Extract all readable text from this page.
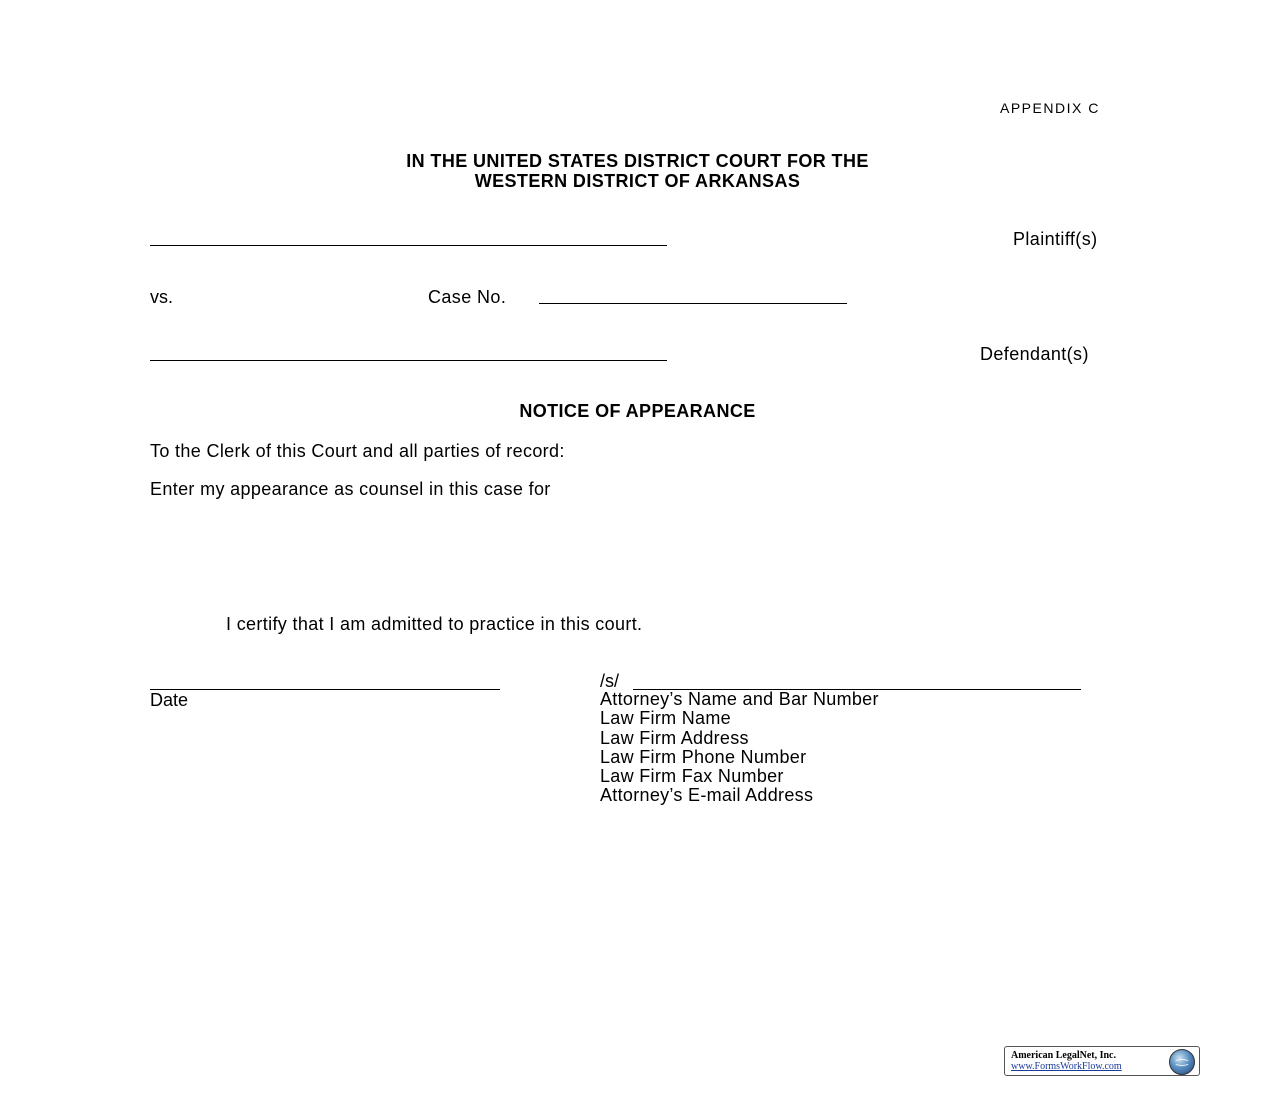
APPENDIX C
IN THE UNITED STATES DISTRICT COURT FOR THE
WESTERN DISTRICT OF ARKANSAS
Plaintiff(s)
vs.	Case No.
Defendant(s)
NOTICE OF APPEARANCE
To the Clerk of this Court and all parties of record:
Enter my appearance as counsel in this case for
I certify that I am admitted to practice in this court.
Date
/s/
Attorney’s Name and Bar Number
Law Firm Name
Law Firm Address
Law Firm Phone Number
Law Firm Fax Number
Attorney’s E-mail Address
American LegalNet, Inc.
www.FormsWorkFlow.com
